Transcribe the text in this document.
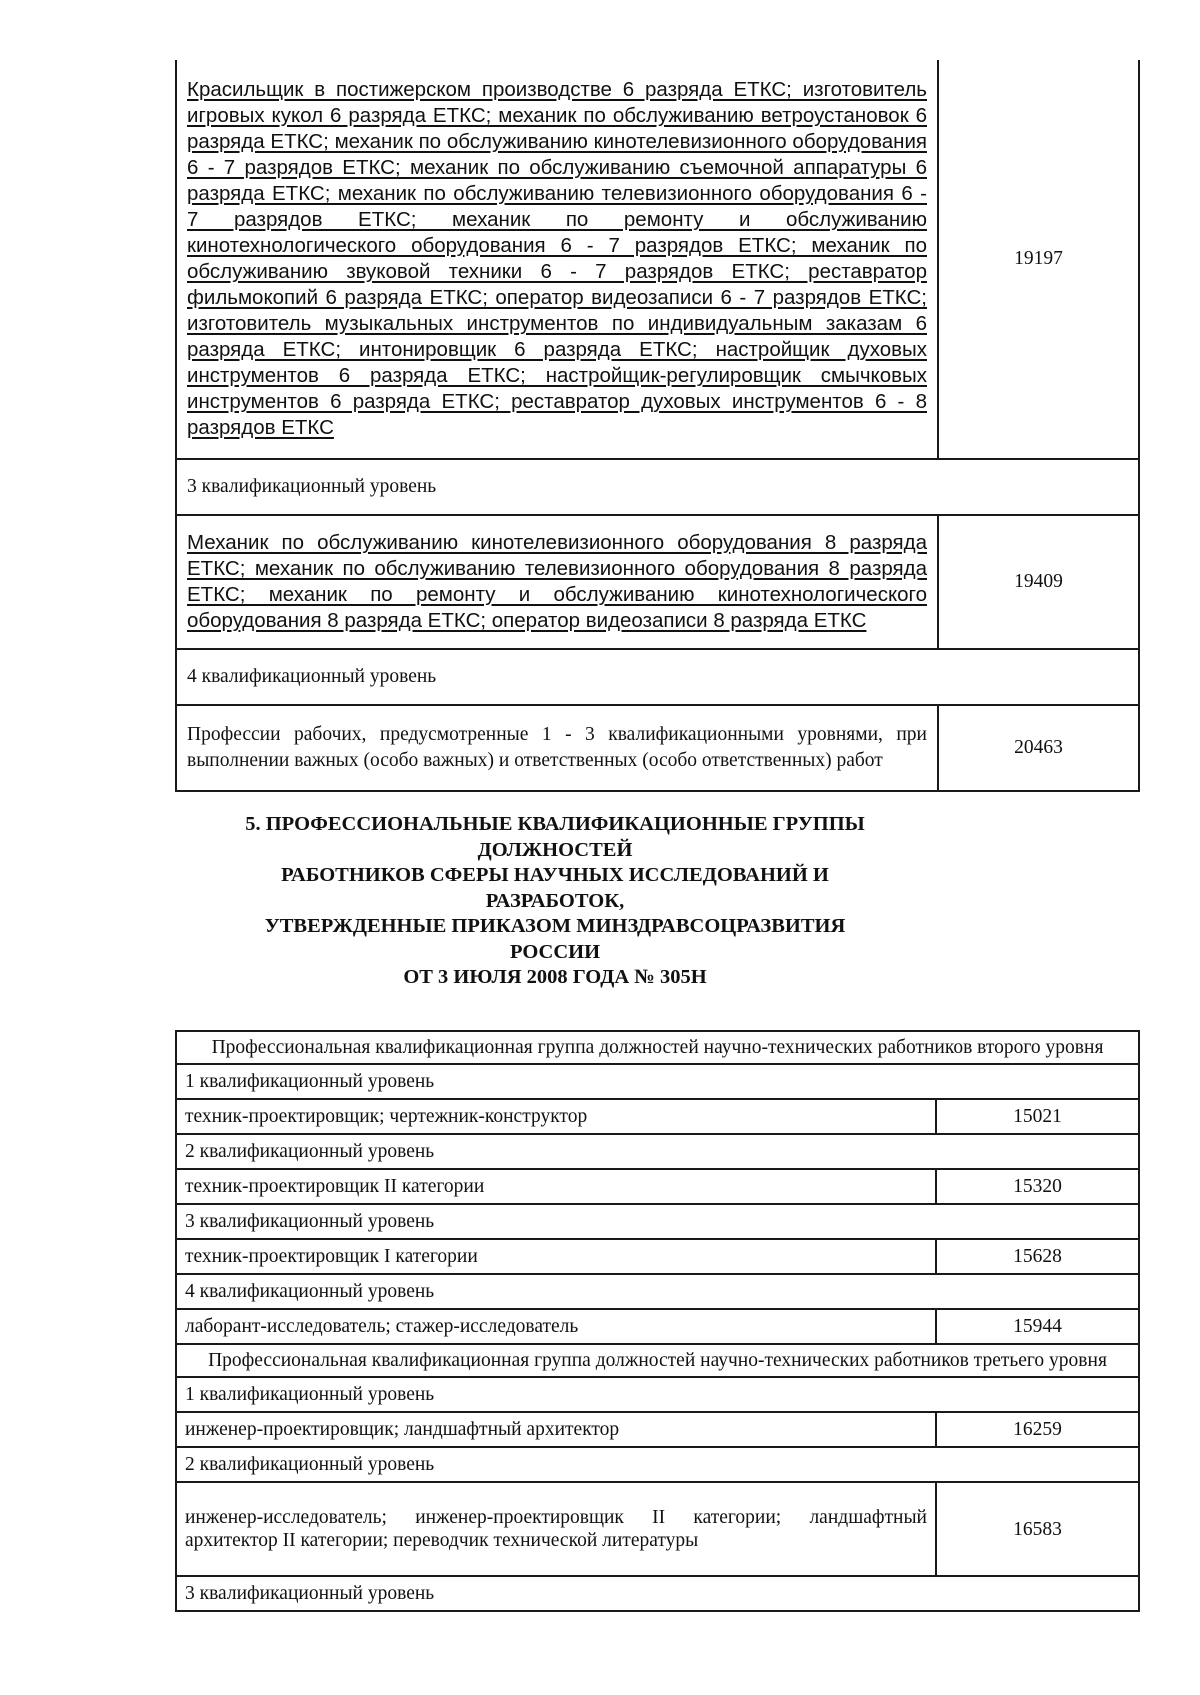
Красильщик в постижерском производстве 6 разряда ЕТКС; изготовитель игровых кукол 6 разряда ЕТКС; механик по обслуживанию ветроустановок 6 разряда ЕТКС; механик по обслуживанию кинотелевизионного оборудования 6 - 7 разрядов ЕТКС; механик по обслуживанию съемочной аппаратуры 6 разряда ЕТКС; механик по обслуживанию телевизионного оборудования 6 - 7 разрядов ЕТКС; механик по ремонту и обслуживанию кинотехнологического оборудования 6 - 7 разрядов ЕТКС; механик по обслуживанию звуковой техники 6 - 7 разрядов ЕТКС; реставратор фильмокопий 6 разряда ЕТКС; оператор видеозаписи 6 - 7 разрядов ЕТКС; изготовитель музыкальных инструментов по индивидуальным заказам 6 разряда ЕТКС; интонировщик 6 разряда ЕТКС; настройщик духовых инструментов 6 разряда ЕТКС; настройщик-регулировщик смычковых инструментов 6 разряда ЕТКС; реставратор духовых инструментов 6 - 8 разрядов ЕТКС	19197
3 квалификационный уровень	
Механик по обслуживанию кинотелевизионного оборудования 8 разряда ЕТКС; механик по обслуживанию телевизионного оборудования 8 разряда ЕТКС; механик по ремонту и обслуживанию кинотехнологического оборудования 8 разряда ЕТКС; оператор видеозаписи 8 разряда ЕТКС	19409
4 квалификационный уровень	
Профессии рабочих, предусмотренные 1 - 3 квалификационными уровнями, при выполнении важных (особо важных) и ответственных (особо ответственных) работ	20463
5. ПРОФЕССИОНАЛЬНЫЕ КВАЛИФИКАЦИОННЫЕ ГРУППЫ
ДОЛЖНОСТЕЙ
РАБОТНИКОВ СФЕРЫ НАУЧНЫХ ИССЛЕДОВАНИЙ И
РАЗРАБОТОК,
УТВЕРЖДЕННЫЕ ПРИКАЗОМ МИНЗДРАВСОЦРАЗВИТИЯ
РОССИИ
ОТ 3 ИЮЛЯ 2008 ГОДА № 305Н
Профессиональная квалификационная группа должностей научно-технических работников второго уровня	
1 квалификационный уровень	
техник-проектировщик; чертежник-конструктор	15021
2 квалификационный уровень	
техник-проектировщик II категории	15320
3 квалификационный уровень	
техник-проектировщик I категории	15628
4 квалификационный уровень	
лаборант-исследователь; стажер-исследователь	15944
Профессиональная квалификационная группа должностей научно-технических работников третьего уровня	
1 квалификационный уровень	
инженер-проектировщик; ландшафтный архитектор	16259
2 квалификационный уровень	
инженер-исследователь; инженер-проектировщик II категории; ландшафтный архитектор II категории; переводчик технической литературы	16583
3 квалификационный уровень	
